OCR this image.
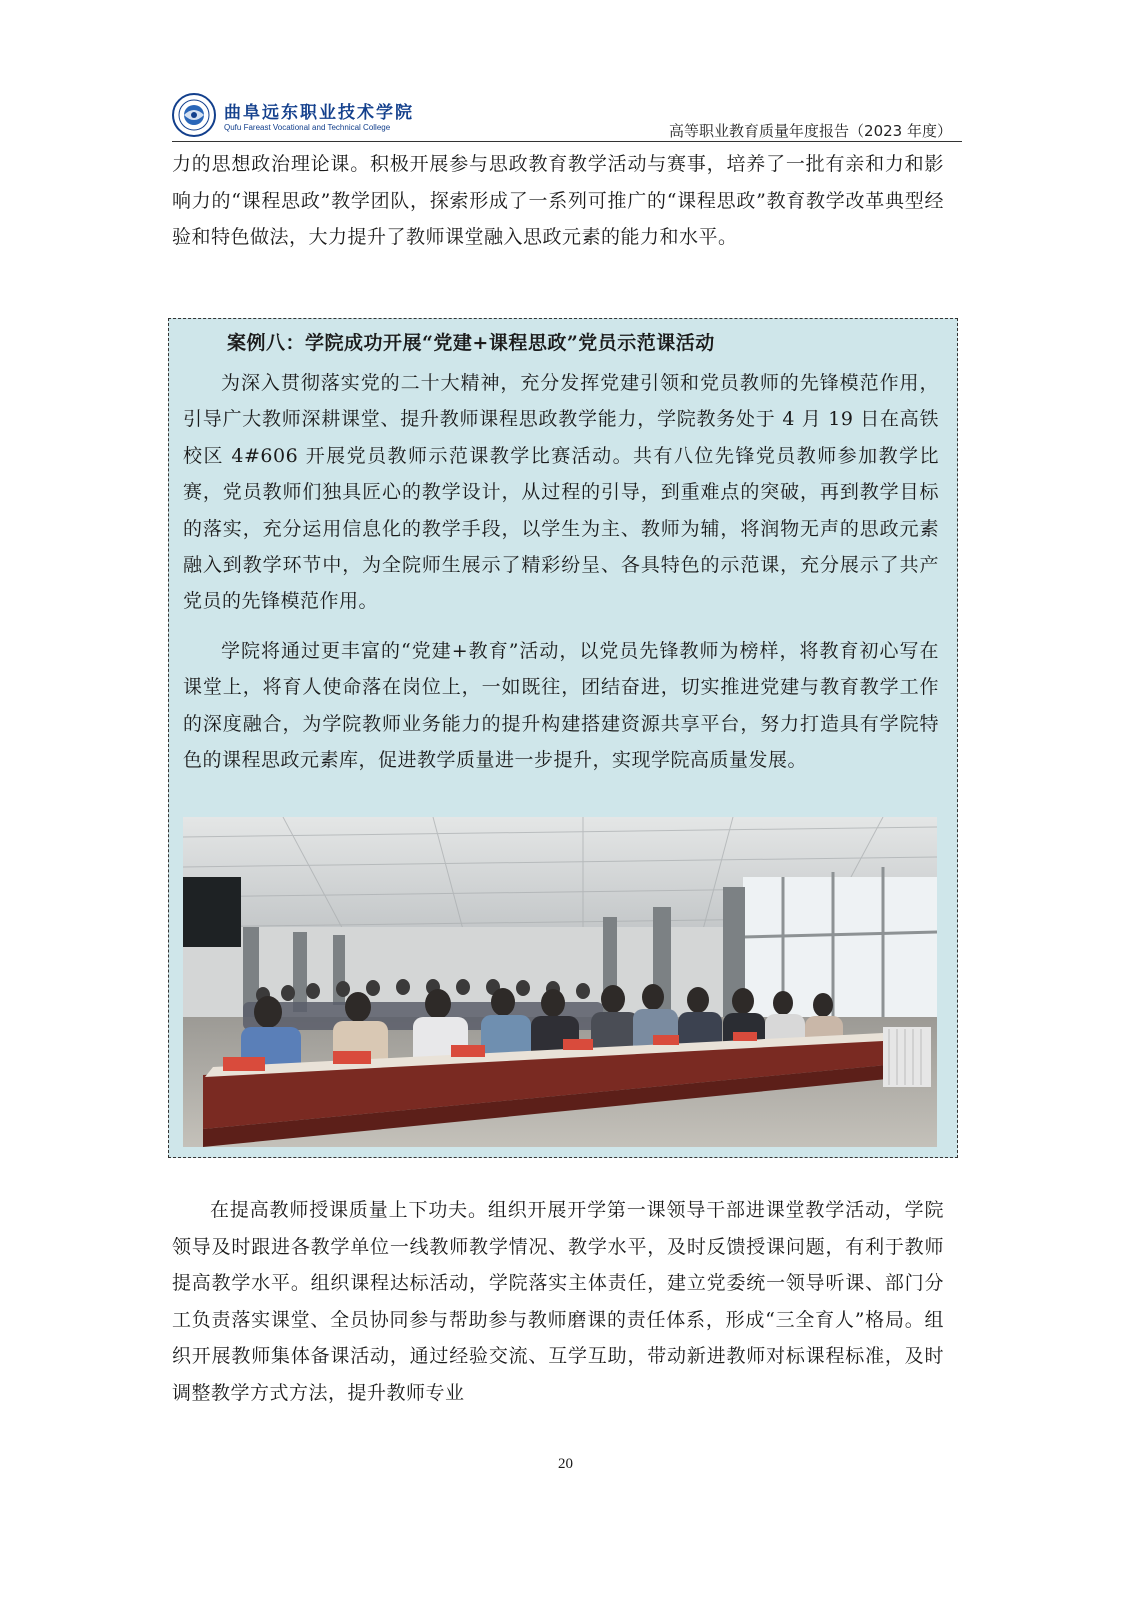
曲阜远东职业技术学院
Qufu Fareast Vocational and Technical College	高等职业教育质量年度报告（2023 年度）

力的思想政治理论课。积极开展参与思政教育教学活动与赛事，培养了一批有亲和力和影响力的“课程思政”教学团队，探索形成了一系列可推广的“课程思政”教育教学改革典型经验和特色做法，大力提升了教师课堂融入思政元素的能力和水平。

案例八：学院成功开展“党建+课程思政”党员示范课活动

为深入贯彻落实党的二十大精神，充分发挥党建引领和党员教师的先锋模范作用，引导广大教师深耕课堂、提升教师课程思政教学能力，学院教务处于 4 月 19 日在高铁校区 4#606 开展党员教师示范课教学比赛活动。共有八位先锋党员教师参加教学比赛，党员教师们独具匠心的教学设计，从过程的引导，到重难点的突破，再到教学目标的落实，充分运用信息化的教学手段，以学生为主、教师为辅，将润物无声的思政元素融入到教学环节中，为全院师生展示了精彩纷呈、各具特色的示范课，充分展示了共产党员的先锋模范作用。

学院将通过更丰富的“党建+教育”活动，以党员先锋教师为榜样，将教育初心写在课堂上，将育人使命落在岗位上，一如既往，团结奋进，切实推进党建与教育教学工作的深度融合，为学院教师业务能力的提升构建搭建资源共享平台，努力打造具有学院特色的课程思政元素库，促进教学质量进一步提升，实现学院高质量发展。

在提高教师授课质量上下功夫。组织开展开学第一课领导干部进课堂教学活动，学院领导及时跟进各教学单位一线教师教学情况、教学水平，及时反馈授课问题，有利于教师提高教学水平。组织课程达标活动，学院落实主体责任，建立党委统一领导听课、部门分工负责落实课堂、全员协同参与帮助参与教师磨课的责任体系，形成“三全育人”格局。组织开展教师集体备课活动，通过经验交流、互学互助，带动新进教师对标课程标准，及时调整教学方式方法，提升教师专业

20
